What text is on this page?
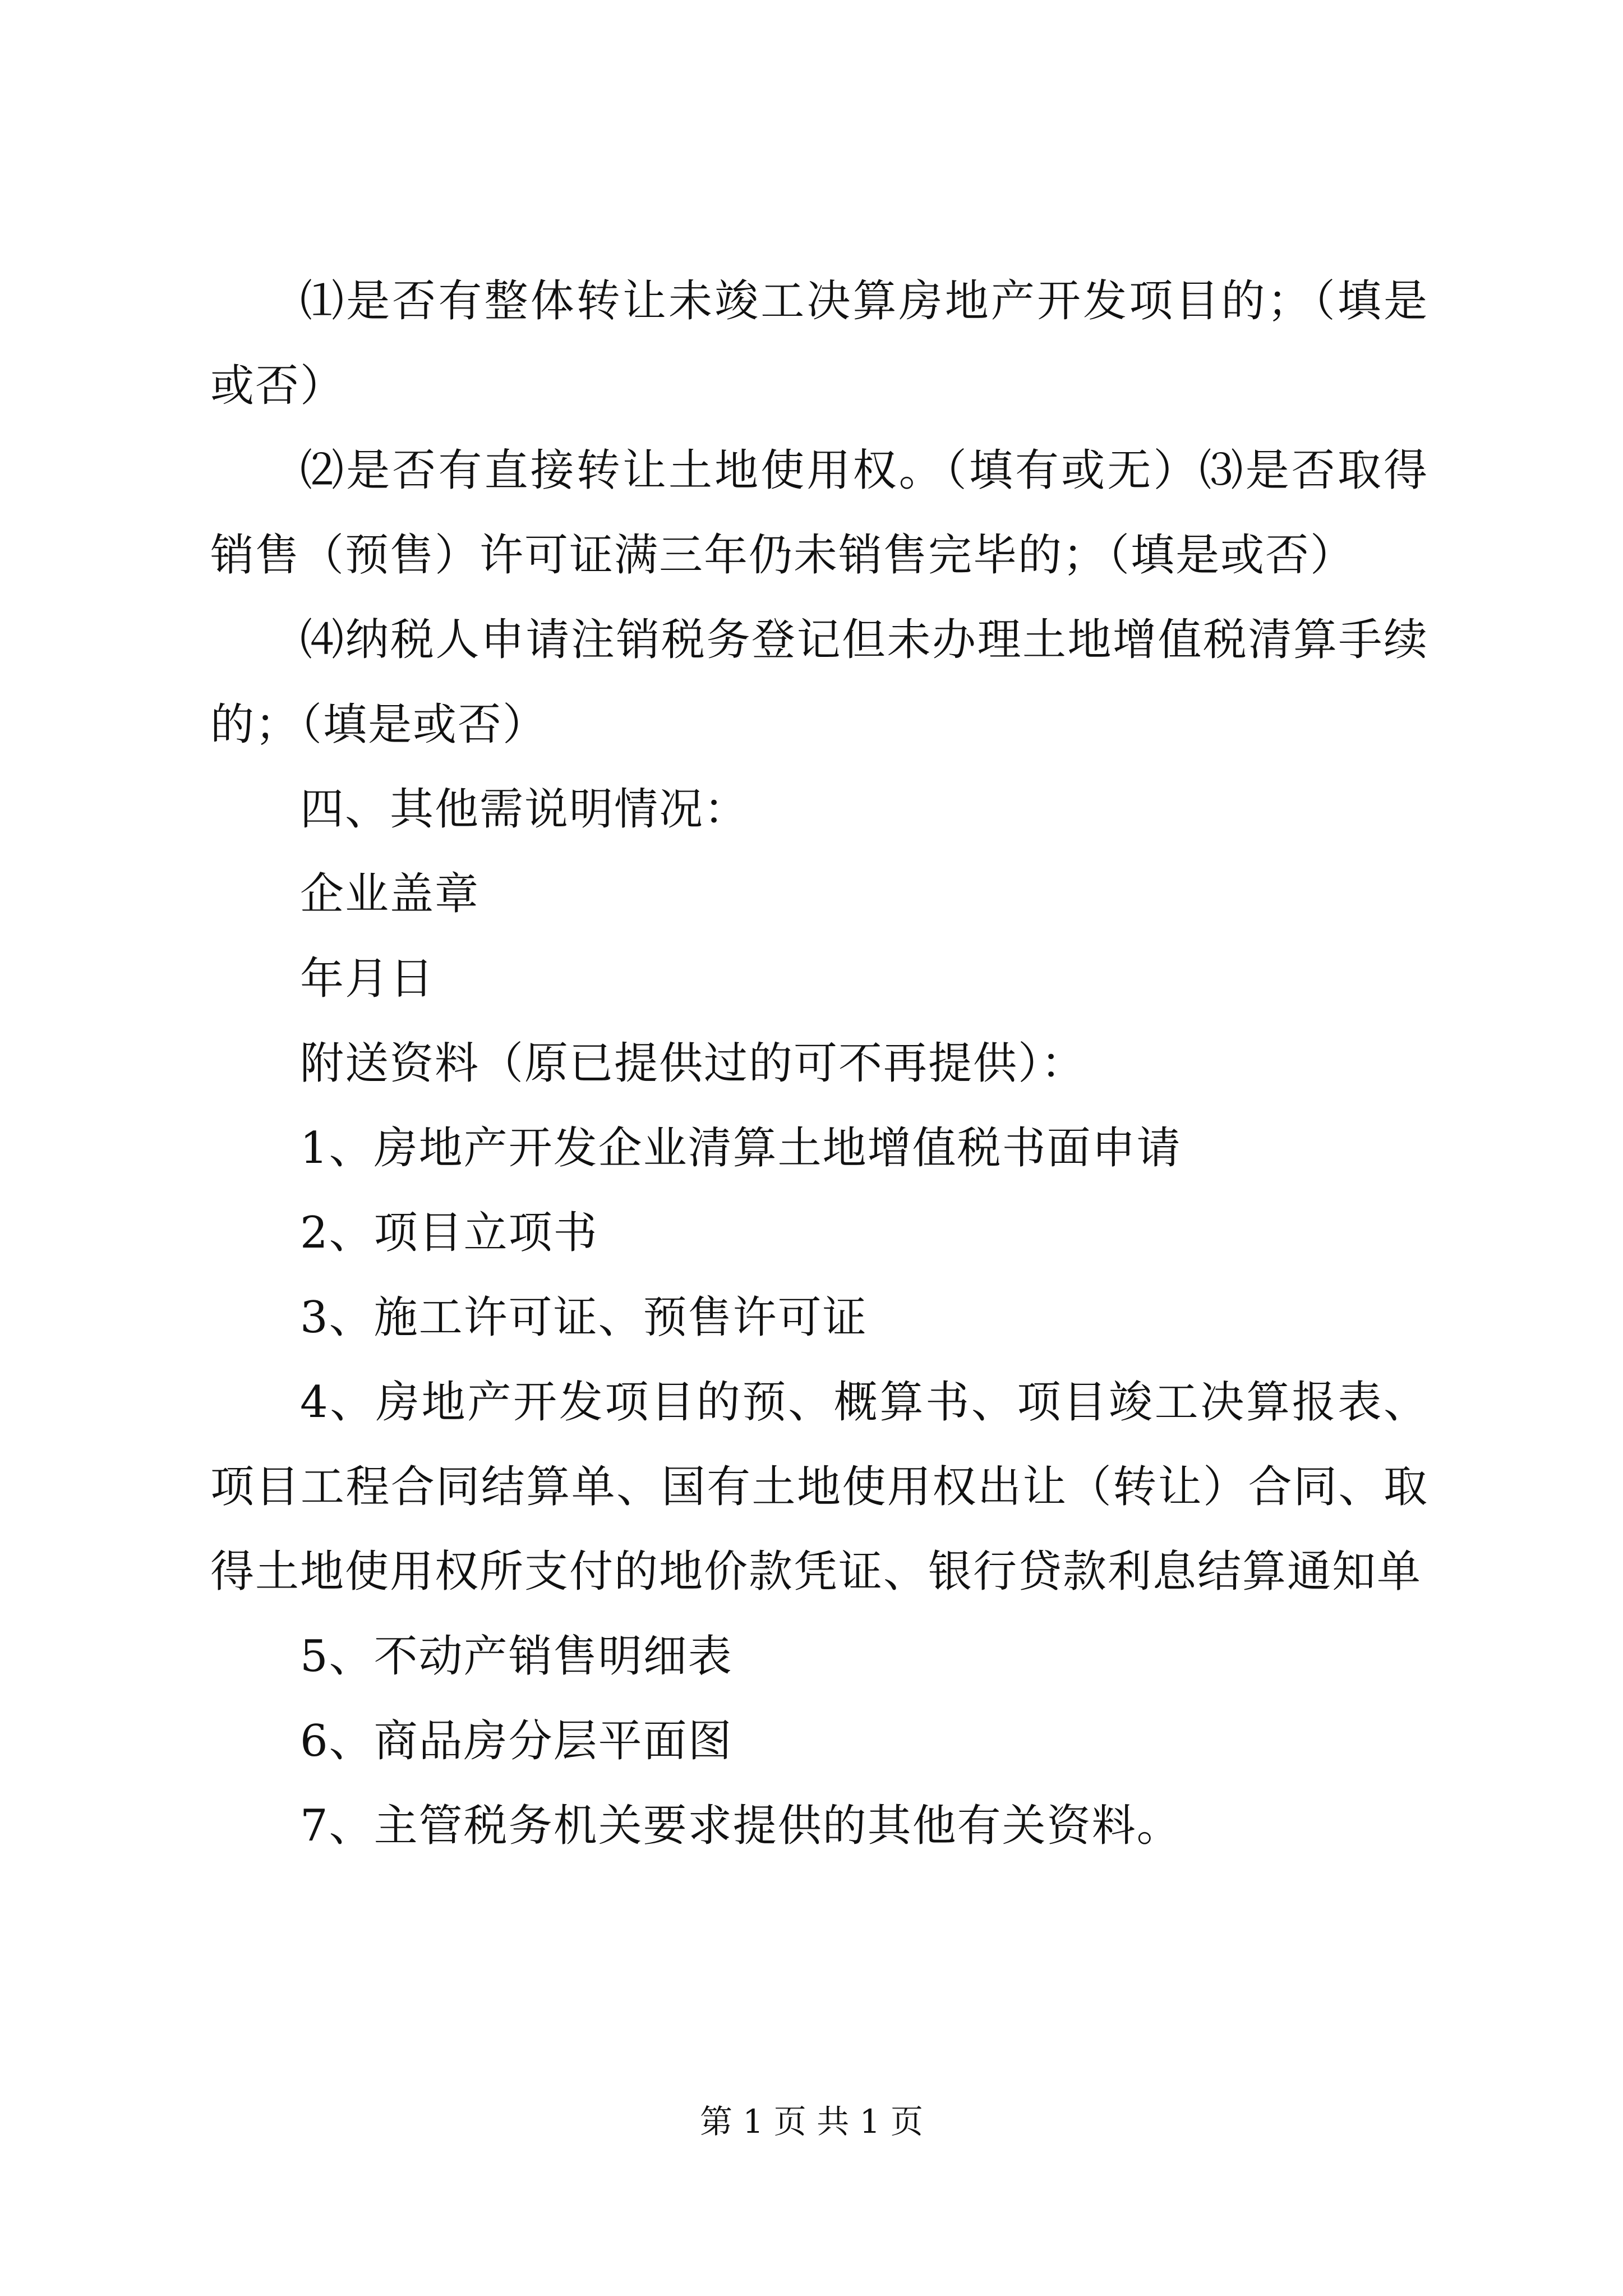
⑴是否有整体转让未竣工决算房地产开发项目的；（填是或否）

⑵是否有直接转让土地使用权。（填有或无）⑶是否取得销售（预售）许可证满三年仍未销售完毕的；（填是或否）

⑷纳税人申请注销税务登记但未办理土地增值税清算手续的；（填是或否）

四、其他需说明情况：

企业盖章

年月日

附送资料（原已提供过的可不再提供）：

1、房地产开发企业清算土地增值税书面申请

2、项目立项书

3、施工许可证、预售许可证

4、房地产开发项目的预、概算书、项目竣工决算报表、项目工程合同结算单、国有土地使用权出让（转让）合同、取得土地使用权所支付的地价款凭证、银行贷款利息结算通知单

5、不动产销售明细表

6、商品房分层平面图

7、主管税务机关要求提供的其他有关资料。

第 1 页 共 1 页
